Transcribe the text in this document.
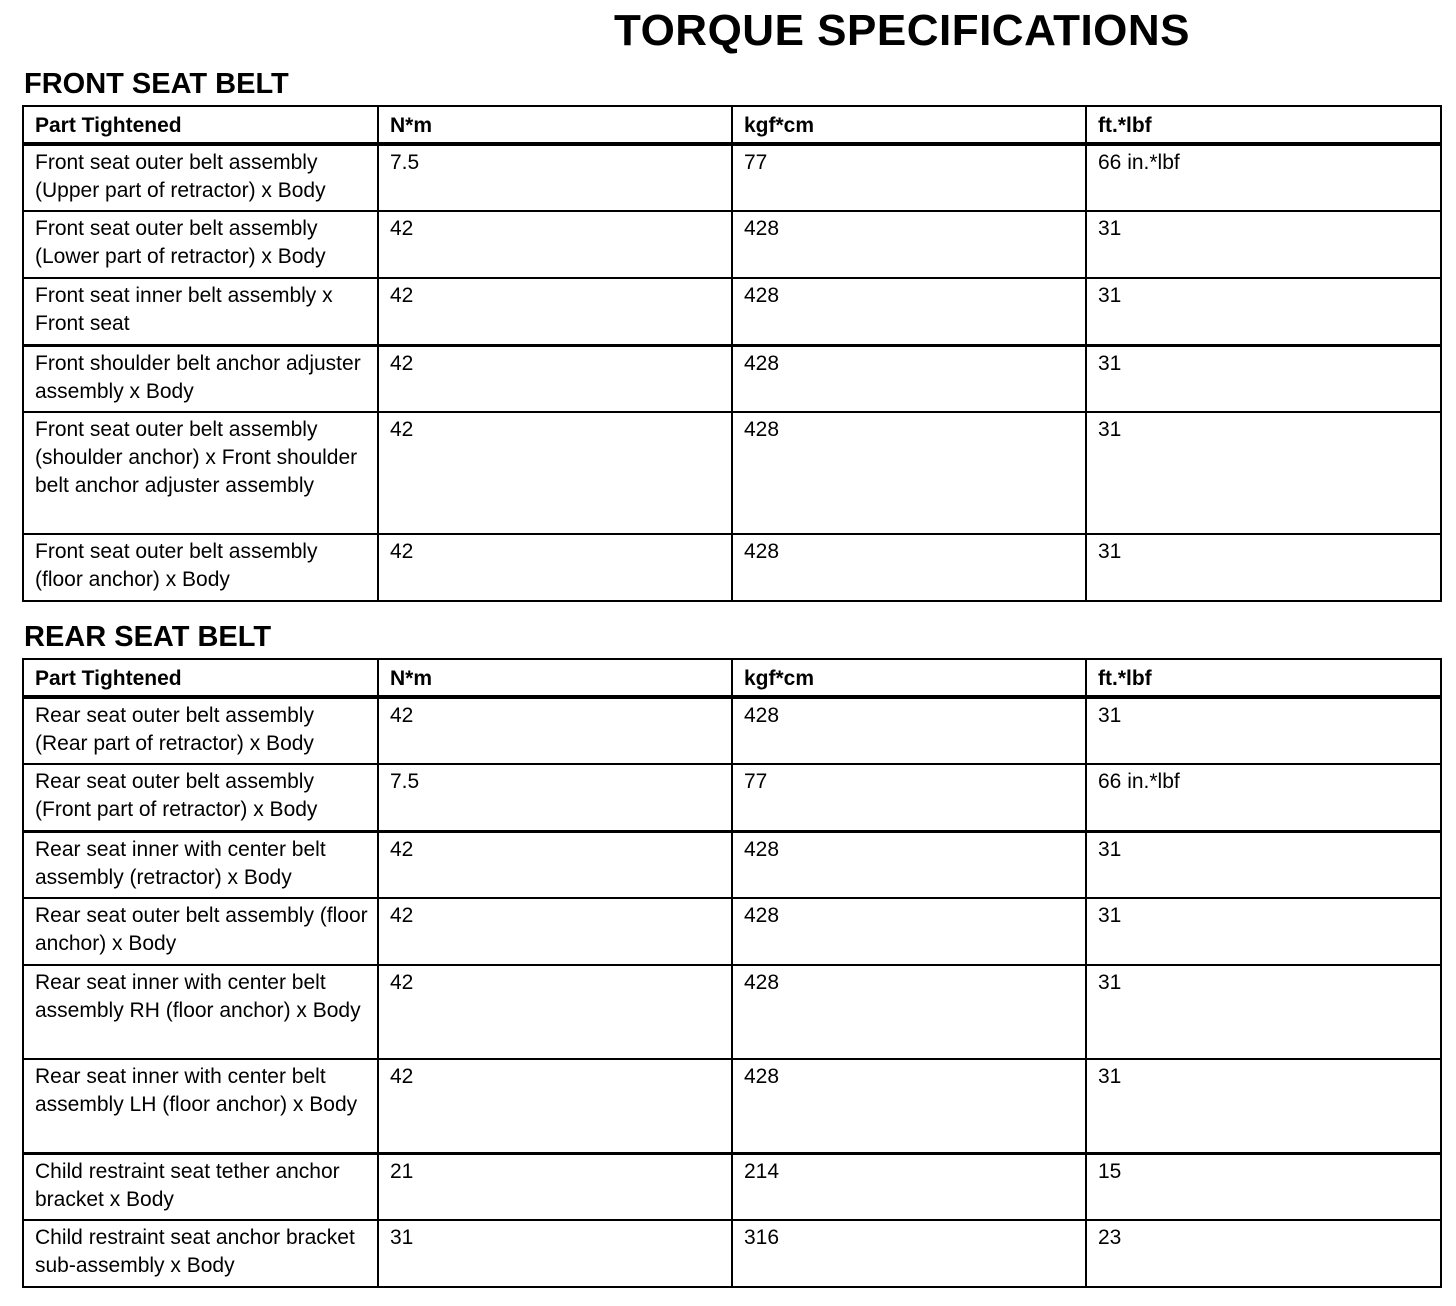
TORQUE SPECIFICATIONS
FRONT SEAT BELT
Part Tightened	N*m	kgf*cm	ft.*lbf
Front seat outer belt assembly (Upper part of retractor) x Body	7.5	77	66 in.*lbf
Front seat outer belt assembly (Lower part of retractor) x Body	42	428	31
Front seat inner belt assembly x Front seat	42	428	31
Front shoulder belt anchor adjuster assembly x Body	42	428	31
Front seat outer belt assembly (shoulder anchor) x Front shoulder belt anchor adjuster assembly	42	428	31
Front seat outer belt assembly (floor anchor) x Body	42	428	31
REAR SEAT BELT
Part Tightened	N*m	kgf*cm	ft.*lbf
Rear seat outer belt assembly (Rear part of retractor) x Body	42	428	31
Rear seat outer belt assembly (Front part of retractor) x Body	7.5	77	66 in.*lbf
Rear seat inner with center belt assembly (retractor) x Body	42	428	31
Rear seat outer belt assembly (floor anchor) x Body	42	428	31
Rear seat inner with center belt assembly RH (floor anchor) x Body	42	428	31
Rear seat inner with center belt assembly LH (floor anchor) x Body	42	428	31
Child restraint seat tether anchor bracket x Body	21	214	15
Child restraint seat anchor bracket sub-assembly x Body	31	316	23
